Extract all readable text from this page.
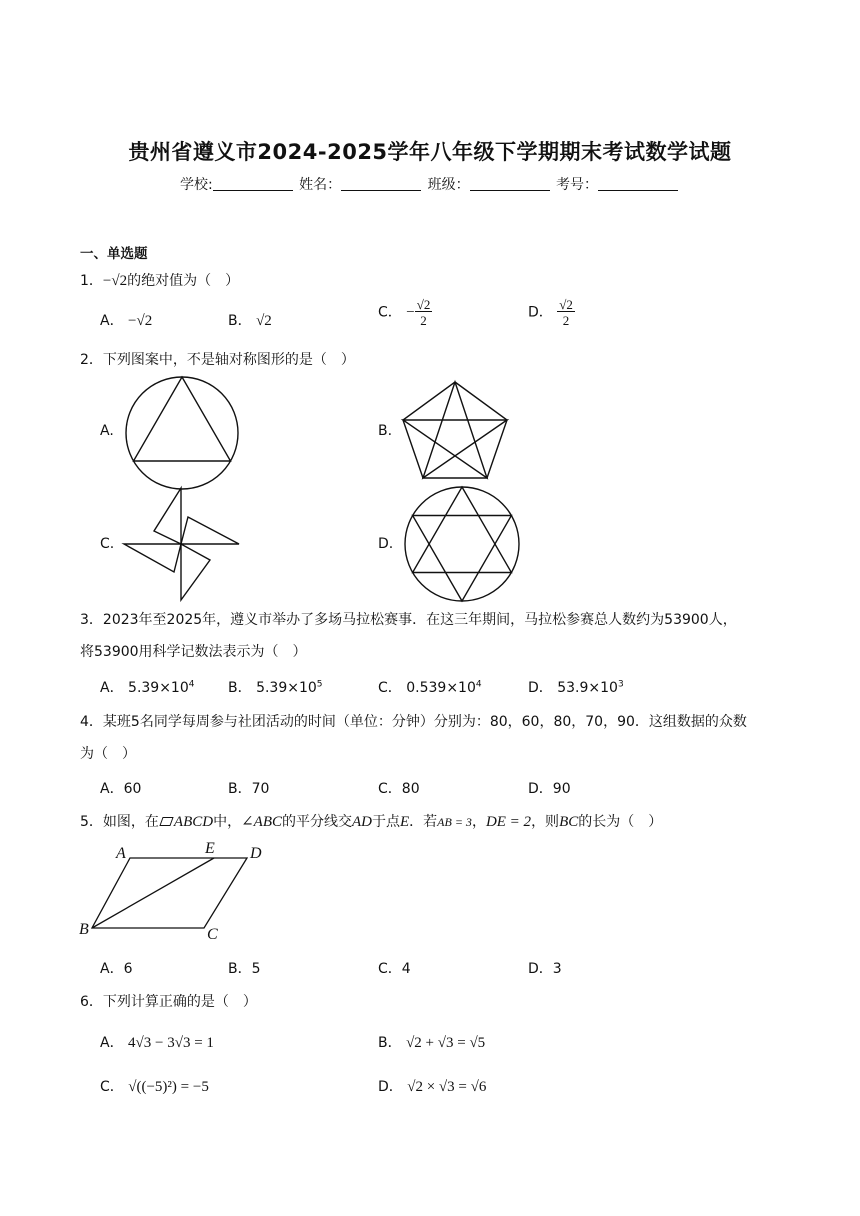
贵州省遵义市2024-2025学年八年级下学期期末考试数学试题
学校:	姓名：	班级：	考号：
一、单选题
1．−√2的绝对值为（　）
A． −√2	B． √2
C． − $\frac{√2}{2}$	D． $\frac{√2}{2}$
2．下列图案中，不是轴对称图形的是（　）
A.	B.
C.	D.
3．2023年至2025年，遵义市举办了多场马拉松赛事．在这三年期间，马拉松参赛总人数约为53900人，
将53900用科学记数法表示为（　）
A． $5.39\times 10^4$ B． $5.39\times 10^5$	C． $0.539\times 10^4$	D． $53.9\times 10^3$
4．某班5名同学每周参与社团活动的时间（单位：分钟）分别为：80，60，80，70，90．这组数据的众数
为（　）
A．60	B．70	C．80	D．90
5．如图，在 ABCD中，∠ABC的平分线交AD于点E．若AB = 3，DE = 2，则BC的长为（　）
A	E D
B	C
A．6	B．5	C．4	D．3
6．下列计算正确的是（　）
A． 4√3 − 3√3 = 1	B． √2 + √3 = √5
C． √((−5)²) = −5	D． √2 × √3 = √6
